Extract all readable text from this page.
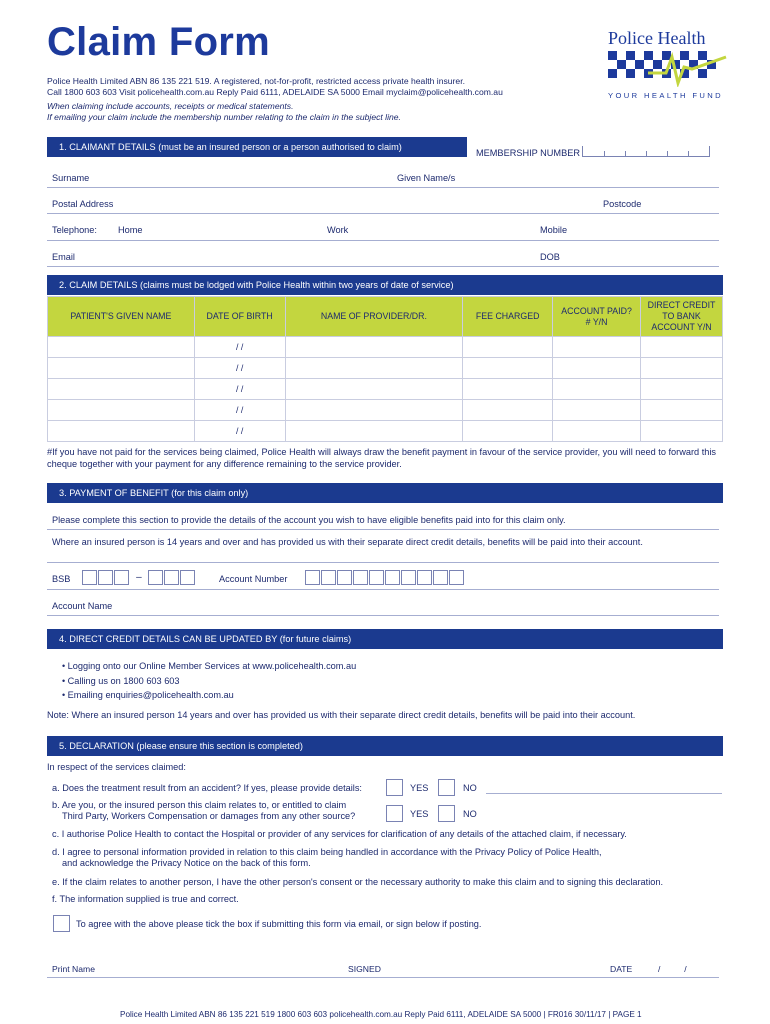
Claim Form
Police Health Limited ABN 86 135 221 519. A registered, not-for-profit, restricted access private health insurer.
Call 1800 603 603 Visit policehealth.com.au Reply Paid 6111, ADELAIDE SA 5000 Email myclaim@policehealth.com.au
When claiming include accounts, receipts or medical statements.
If emailing your claim include the membership number relating to the claim in the subject line.
Police Health
YOUR HEALTH FUND
1. CLAIMANT DETAILS (must be an insured person or a person authorised to claim)
MEMBERSHIP NUMBER
Surname	Given Name/s
Postal Address	Postcode
Telephone: Home	Work	Mobile
Email	DOB
2. CLAIM DETAILS (claims must be lodged with Police Health within two years of date of service)
PATIENT'S GIVEN NAME	DATE OF BIRTH	NAME OF PROVIDER/DR.	FEE CHARGED	ACCOUNT PAID?# Y/N	DIRECT CREDIT TO BANK ACCOUNT Y/N
	/ /				
	/ /				
	/ /				
	/ /				
	/ /				
#If you have not paid for the services being claimed, Police Health will always draw the benefit payment in favour of the service provider, you will need to forward this cheque together with your payment for any difference remaining to the service provider.
3. PAYMENT OF BENEFIT (for this claim only)
Please complete this section to provide the details of the account you wish to have eligible benefits paid into for this claim only.
Where an insured person is 14 years and over and has provided us with their separate direct credit details, benefits will be paid into their account.
BSB	–	Account Number
Account Name
4. DIRECT CREDIT DETAILS CAN BE UPDATED BY (for future claims)
• Logging onto our Online Member Services at www.policehealth.com.au
• Calling us on 1800 603 603
• Emailing enquiries@policehealth.com.au
Note: Where an insured person 14 years and over has provided us with their separate direct credit details, benefits will be paid into their account.
5. DECLARATION (please ensure this section is completed)
In respect of the services claimed:
a. Does the treatment result from an accident? If yes, please provide details:	YES	NO
b. Are you, or the insured person this claim relates to, or entitled to claim
Third Party, Workers Compensation or damages from any other source?	YES	NO
c. I authorise Police Health to contact the Hospital or provider of any services for clarification of any details of the attached claim, if necessary.
d. I agree to personal information provided in relation to this claim being handled in accordance with the Privacy Policy of Police Health,
and acknowledge the Privacy Notice on the back of this form.
e. If the claim relates to another person, I have the other person's consent or the necessary authority to make this claim and to signing this declaration.
f. The information supplied is true and correct.
To agree with the above please tick the box if submitting this form via email, or sign below if posting.
Print Name	SIGNED	DATE	/          /
Police Health Limited ABN 86 135 221 519 1800 603 603 policehealth.com.au Reply Paid 6111, ADELAIDE SA 5000 | FR016 30/11/17 | PAGE 1
